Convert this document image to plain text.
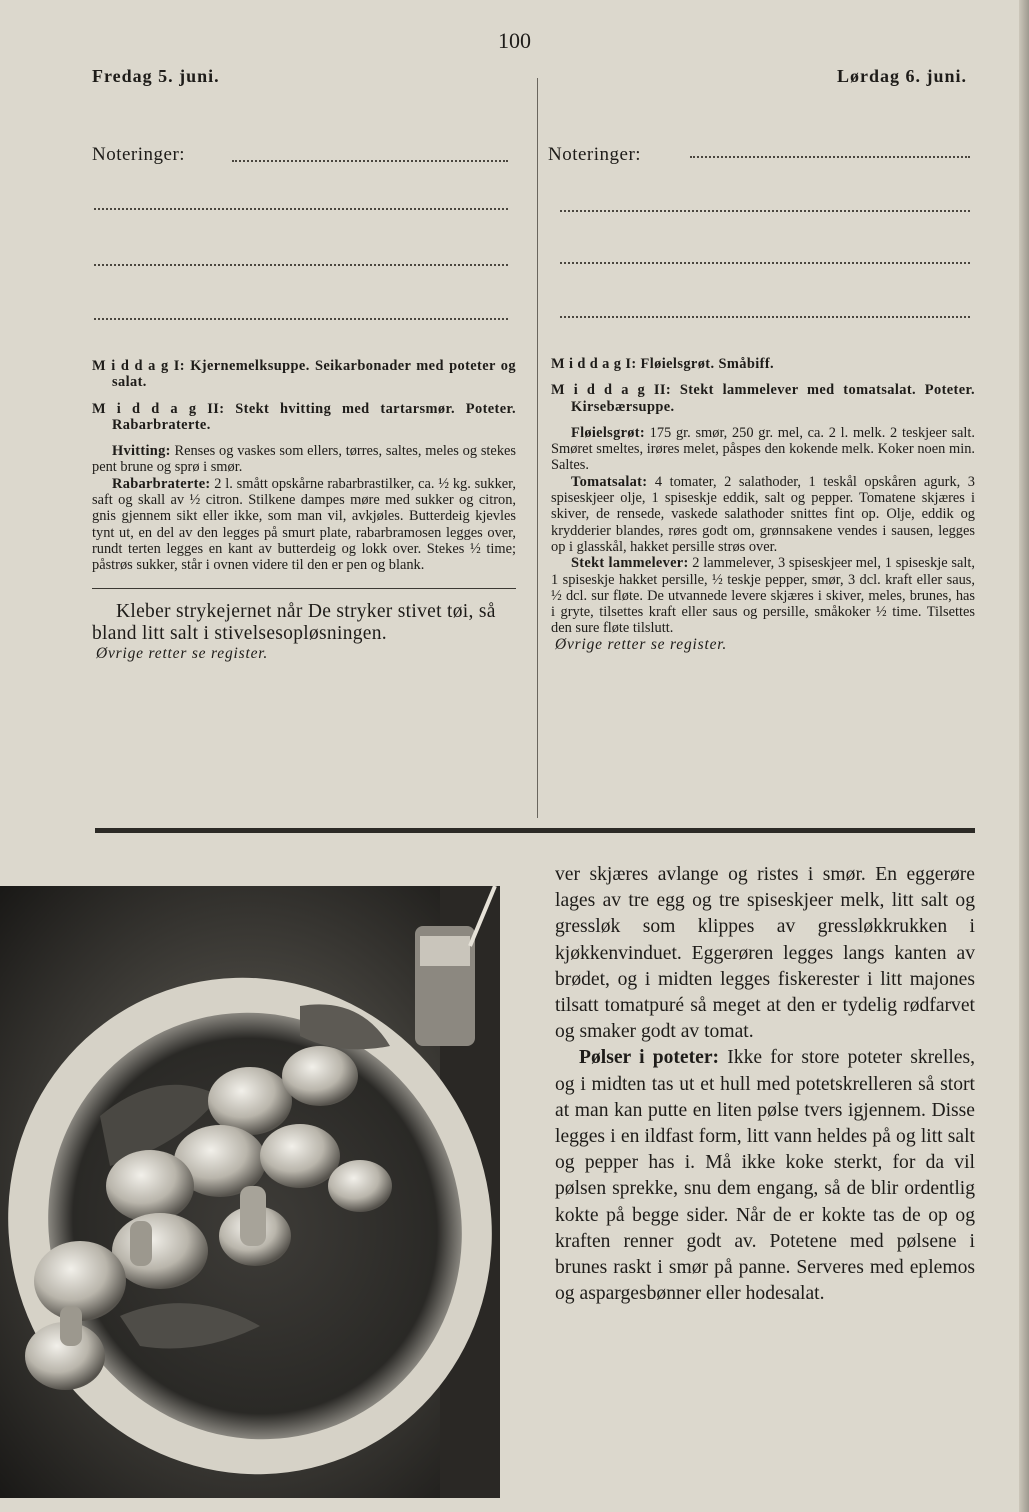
100
Fredag 5. juni.	Lørdag 6. juni.
Noteringer:	Noteringer:

M i d d a g I: Kjernemelksuppe. Seikarbonader med poteter og salat.

M i d d a g II: Stekt hvitting med tartarsmør. Poteter. Rabarbraterte.

Hvitting: Renses og vaskes som ellers, tørres, saltes, meles og stekes pent brune og sprø i smør.

Rabarbraterte: 2 l. smått opskårne rabarbrastilker, ca. ½ kg. sukker, saft og skall av ½ citron. Stilkene dampes møre med sukker og citron, gnis gjennem sikt eller ikke, som man vil, avkjøles. Butterdeig kjevles tynt ut, en del av den legges på smurt plate, rabarbramosen legges over, rundt terten legges en kant av butterdeig og lokk over. Stekes ½ time; påstrøs sukker, står i ovnen videre til den er pen og blank.

Kleber strykejernet når De stryker stivet tøi, så bland litt salt i stivelsesopløsningen.

Øvrige retter se register.

M i d d a g I: Fløielsgrøt. Småbiff.

M i d d a g II: Stekt lammelever med tomatsalat. Poteter. Kirsebærsuppe.

Fløielsgrøt: 175 gr. smør, 250 gr. mel, ca. 2 l. melk. 2 teskjeer salt. Smøret smeltes, irøres melet, påspes den kokende melk. Koker noen min. Saltes.

Tomatsalat: 4 tomater, 2 salathoder, 1 teskål opskåren agurk, 3 spiseskjeer olje, 1 spiseskje eddik, salt og pepper. Tomatene skjæres i skiver, de rensede, vaskede salathoder snittes fint op. Olje, eddik og krydderier blandes, røres godt om, grønnsakene vendes i sausen, legges op i glasskål, hakket persille strøs over.

Stekt lammelever: 2 lammelever, 3 spiseskjeer mel, 1 spiseskje salt, 1 spiseskje hakket persille, ½ teskje pepper, smør, 3 dcl. kraft eller saus, ½ dcl. sur fløte. De utvannede levere skjæres i skiver, meles, brunes, has i gryte, tilsettes kraft eller saus og persille, småkoker ½ time. Tilsettes den sure fløte tilslutt.

Øvrige retter se register.

ver skjæres avlange og ristes i smør. En eggerøre lages av tre egg og tre spiseskjeer melk, litt salt og gressløk som klippes av gressløkkrukken i kjøkkenvinduet. Eggerøren legges langs kanten av brødet, og i midten legges fiskerester i litt majones tilsatt tomatpuré så meget at den er tydelig rødfarvet og smaker godt av tomat.

Pølser i poteter: Ikke for store poteter skrelles, og i midten tas ut et hull med potetskrelleren så stort at man kan putte en liten pølse tvers igjennem. Disse legges i en ildfast form, litt vann heldes på og litt salt og pepper has i. Må ikke koke sterkt, for da vil pølsen sprekke, snu dem engang, så de blir ordentlig kokte på begge sider. Når de er kokte tas de op og kraften renner godt av. Potetene med pølsene i brunes raskt i smør på panne. Serveres med eplemos og aspargesbønner eller hodesalat.
